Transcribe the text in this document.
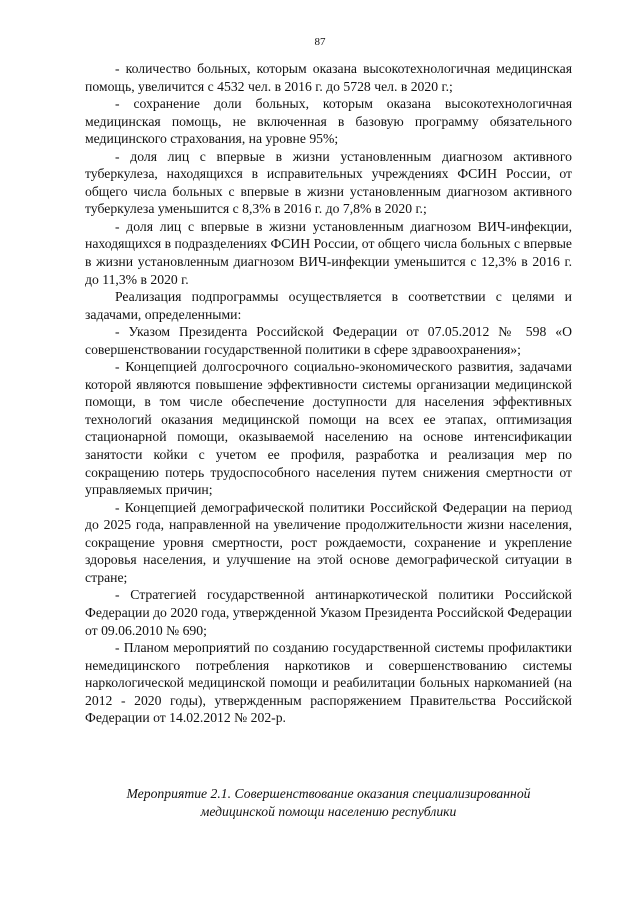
87

- количество больных, которым оказана высокотехнологичная медицинская помощь, увеличится с 4532 чел. в 2016 г. до 5728 чел. в 2020 г.;

- сохранение доли больных, которым оказана высокотехнологичная медицинская помощь, не включенная в базовую программу обязательного медицинского страхования, на уровне 95%;

- доля лиц с впервые в жизни установленным диагнозом активного туберкулеза, находящихся в исправительных учреждениях ФСИН России, от общего числа больных с впервые в жизни установленным диагнозом активного туберкулеза уменьшится с 8,3% в 2016 г. до 7,8% в 2020 г.;

- доля лиц с впервые в жизни установленным диагнозом ВИЧ-инфекции, находящихся в подразделениях ФСИН России, от общего числа больных с впервые в жизни установленным диагнозом ВИЧ-инфекции уменьшится с 12,3% в 2016 г. до 11,3% в 2020 г.

Реализация подпрограммы осуществляется в соответствии с целями и задачами, определенными:

- Указом Президента Российской Федерации от 07.05.2012 № 598 «О совершенствовании государственной политики в сфере здравоохранения»;

- Концепцией долгосрочного социально-экономического развития, задачами которой являются повышение эффективности системы организации медицинской помощи, в том числе обеспечение доступности для населения эффективных технологий оказания медицинской помощи на всех ее этапах, оптимизация стационарной помощи, оказываемой населению на основе интенсификации занятости койки с учетом ее профиля, разработка и реализация мер по сокращению потерь трудоспособного населения путем снижения смертности от управляемых причин;

- Концепцией демографической политики Российской Федерации на период до 2025 года, направленной на увеличение продолжительности жизни населения, сокращение уровня смертности, рост рождаемости, сохранение и укрепление здоровья населения, и улучшение на этой основе демографической ситуации в стране;

- Стратегией государственной антинаркотической политики Российской Федерации до 2020 года, утвержденной Указом Президента Российской Федерации от 09.06.2010 № 690;

- Планом мероприятий по созданию государственной системы профилактики немедицинского потребления наркотиков и совершенствованию системы наркологической медицинской помощи и реабилитации больных наркоманией (на 2012 - 2020 годы), утвержденным распоряжением Правительства Российской Федерации от 14.02.2012 № 202-р.

Мероприятие 2.1. Совершенствование оказания специализированной
медицинской помощи населению республики
